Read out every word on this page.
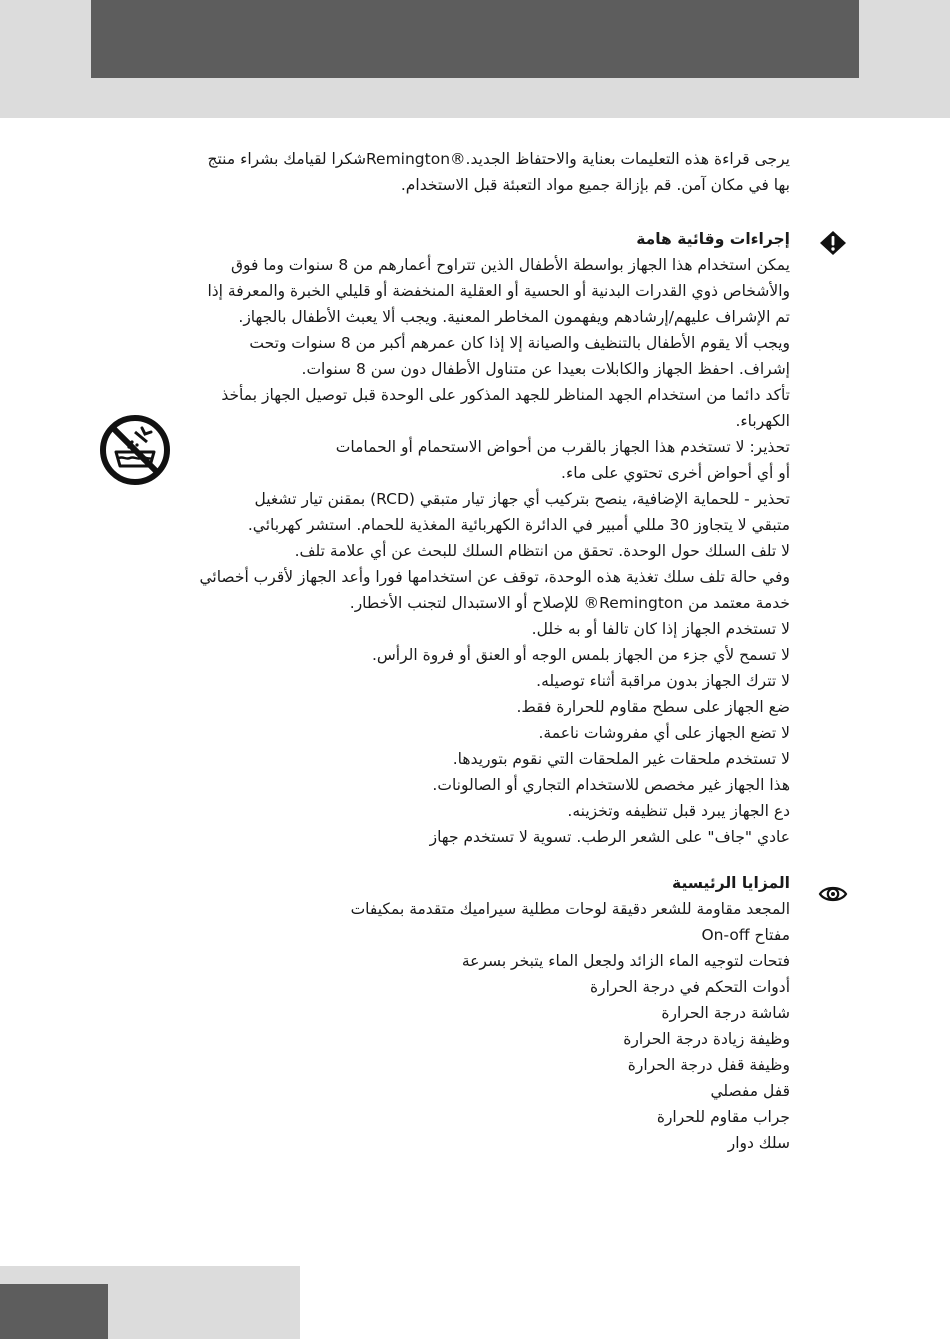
يرجى قراءة هذه التعليمات بعناية والاحتفاظ الجديد.®Remingtonشكرا لقيامك بشراء منتج

بها في مكان آمن. قم بإزالة جميع مواد التعبئة قبل الاستخدام.

إجراءات وقائية هامة

يمكن استخدام هذا الجهاز بواسطة الأطفال الذين تتراوح أعمارهم من 8 سنوات وما فوق

والأشخاص ذوي القدرات البدنية أو الحسية أو العقلية المنخفضة أو قليلي الخبرة والمعرفة إذا

تم الإشراف عليهم/إرشادهم ويفهمون المخاطر المعنية. ويجب ألا يعبث الأطفال بالجهاز.

ويجب ألا يقوم الأطفال بالتنظيف والصيانة إلا إذا كان عمرهم أكبر من 8 سنوات وتحت

إشراف. احفظ الجهاز والكابلات بعيدا عن متناول الأطفال دون سن 8 سنوات.

تأكد دائما من استخدام الجهد المناظر للجهد المذكور على الوحدة قبل توصيل الجهاز بمأخذ

الكهرباء.

تحذير: لا تستخدم هذا الجهاز بالقرب من أحواض الاستحمام أو الحمامات

أو أي أحواض أخرى تحتوي على ماء.

تحذير - للحماية الإضافية، ينصح بتركيب أي جهاز تيار متبقي (RCD) بمقنن تيار تشغيل

متبقي لا يتجاوز 30 مللي أمبير في الدائرة الكهربائية المغذية للحمام. استشر كهربائي.

لا تلف السلك حول الوحدة. تحقق من انتظام السلك للبحث عن أي علامة تلف.

وفي حالة تلف سلك تغذية هذه الوحدة، توقف عن استخدامها فورا وأعد الجهاز لأقرب أخصائي

خدمة معتمد من Remington® للإصلاح أو الاستبدال لتجنب الأخطار.

لا تستخدم الجهاز إذا كان تالفا أو به خلل.

لا تسمح لأي جزء من الجهاز بلمس الوجه أو العنق أو فروة الرأس.

لا تترك الجهاز بدون مراقبة أثناء توصيله.

ضع الجهاز على سطح مقاوم للحرارة فقط.

لا تضع الجهاز على أي مفروشات ناعمة.

لا تستخدم ملحقات غير الملحقات التي نقوم بتوريدها.

هذا الجهاز غير مخصص للاستخدام التجاري أو الصالونات.

دع الجهاز يبرد قبل تنظيفه وتخزينه.

عادي "جاف" على الشعر الرطب. تسوية لا تستخدم جهاز

المزايا الرئيسية

المجعد مقاومة للشعر دقيقة لوحات مطلية سيراميك متقدمة بمكيفات

مفتاح On-off

فتحات لتوجيه الماء الزائد ولجعل الماء يتبخر بسرعة

أدوات التحكم في درجة الحرارة

شاشة درجة الحرارة

وظيفة زيادة درجة الحرارة

وظيفة قفل درجة الحرارة

قفل مفصلي

جراب مقاوم للحرارة

سلك دوار
